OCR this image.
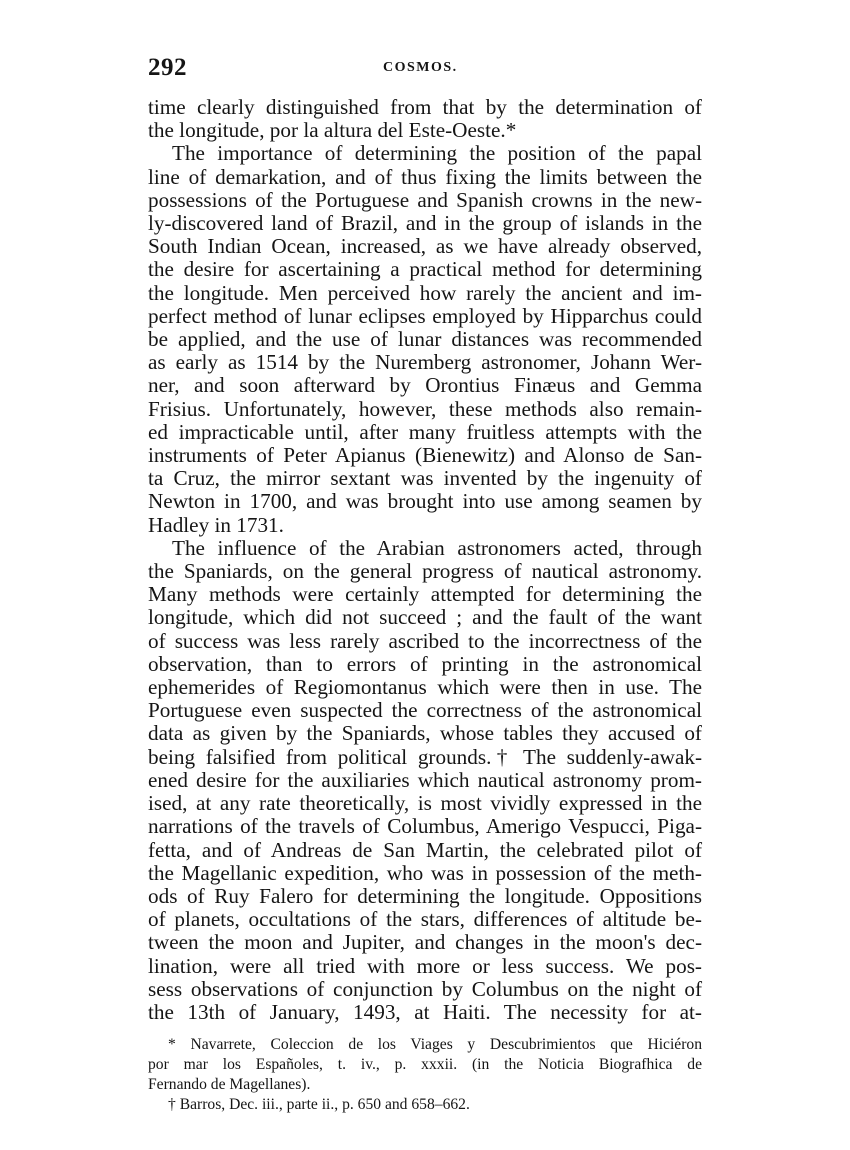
292	COSMOS.
time clearly distinguished from that by the determination of
the longitude, por la altura del Este-Oeste.*
The importance of determining the position of the papal
line of demarkation, and of thus fixing the limits between the
possessions of the Portuguese and Spanish crowns in the new-
ly-discovered land of Brazil, and in the group of islands in the
South Indian Ocean, increased, as we have already observed,
the desire for ascertaining a practical method for determining
the longitude. Men perceived how rarely the ancient and im-
perfect method of lunar eclipses employed by Hipparchus could
be applied, and the use of lunar distances was recommended
as early as 1514 by the Nuremberg astronomer, Johann Wer-
ner, and soon afterward by Orontius Finæus and Gemma
Frisius. Unfortunately, however, these methods also remain-
ed impracticable until, after many fruitless attempts with the
instruments of Peter Apianus (Bienewitz) and Alonso de San-
ta Cruz, the mirror sextant was invented by the ingenuity of
Newton in 1700, and was brought into use among seamen by
Hadley in 1731.
The influence of the Arabian astronomers acted, through
the Spaniards, on the general progress of nautical astronomy.
Many methods were certainly attempted for determining the
longitude, which did not succeed ; and the fault of the want
of success was less rarely ascribed to the incorrectness of the
observation, than to errors of printing in the astronomical
ephemerides of Regiomontanus which were then in use. The
Portuguese even suspected the correctness of the astronomical
data as given by the Spaniards, whose tables they accused of
being falsified from political grounds.† The suddenly-awak-
ened desire for the auxiliaries which nautical astronomy prom-
ised, at any rate theoretically, is most vividly expressed in the
narrations of the travels of Columbus, Amerigo Vespucci, Piga-
fetta, and of Andreas de San Martin, the celebrated pilot of
the Magellanic expedition, who was in possession of the meth-
ods of Ruy Falero for determining the longitude. Oppositions
of planets, occultations of the stars, differences of altitude be-
tween the moon and Jupiter, and changes in the moon's dec-
lination, were all tried with more or less success. We pos-
sess observations of conjunction by Columbus on the night of
the 13th of January, 1493, at Haiti. The necessity for at-
* Navarrete, Coleccion de los Viages y Descubrimientos que Hiciéron
por mar los Españoles, t. iv., p. xxxii. (in the Noticia Biografhica de
Fernando de Magellanes).
† Barros, Dec. iii., parte ii., p. 650 and 658–662.
